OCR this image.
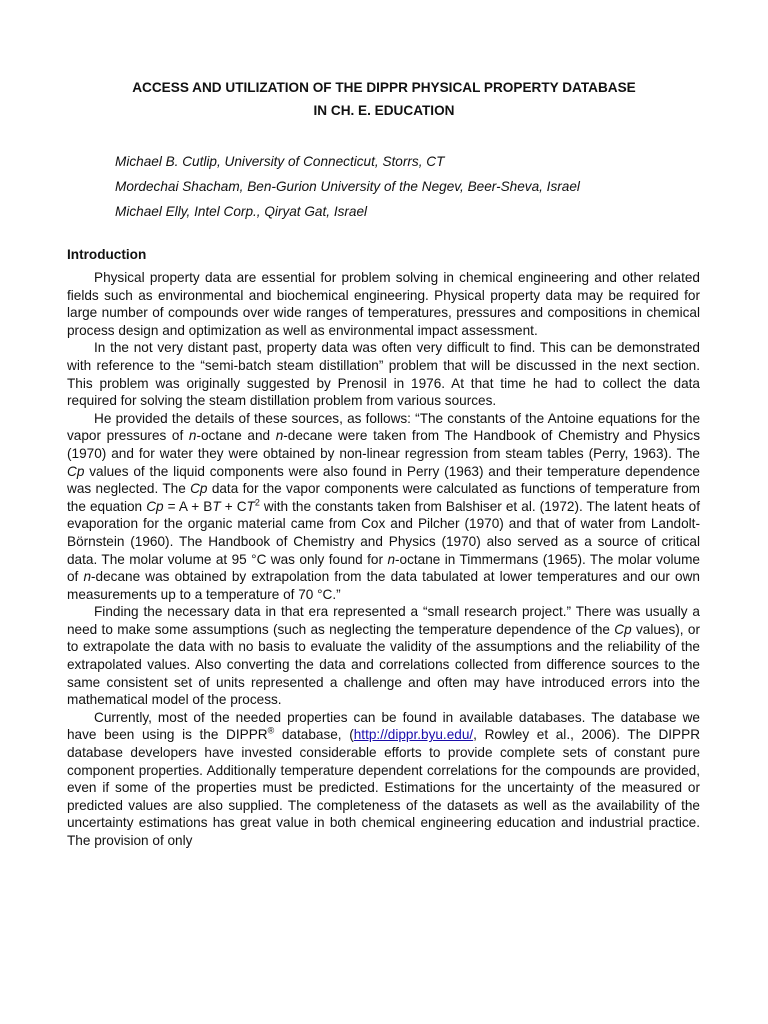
ACCESS AND UTILIZATION OF THE DIPPR PHYSICAL PROPERTY DATABASE
IN CH. E. EDUCATION
Michael B. Cutlip, University of Connecticut, Storrs, CT
Mordechai Shacham, Ben-Gurion University of the Negev, Beer-Sheva, Israel
Michael Elly, Intel Corp., Qiryat Gat, Israel
Introduction

Physical property data are essential for problem solving in chemical engineering and other related fields such as environmental and biochemical engineering. Physical property data may be required for large number of compounds over wide ranges of temperatures, pressures and compositions in chemical process design and optimization as well as environmental impact assessment.

In the not very distant past, property data was often very difficult to find. This can be demonstrated with reference to the “semi-batch steam distillation” problem that will be discussed in the next section. This problem was originally suggested by Prenosil in 1976. At that time he had to collect the data required for solving the steam distillation problem from various sources.

He provided the details of these sources, as follows: “The constants of the Antoine equations for the vapor pressures of n-octane and n-decane were taken from The Handbook of Chemistry and Physics (1970) and for water they were obtained by non-linear regression from steam tables (Perry, 1963). The Cp values of the liquid components were also found in Perry (1963) and their temperature dependence was neglected. The Cp data for the vapor components were calculated as functions of temperature from the equation Cp = A + BT + $CT^2$ with the constants taken from Balshiser et al. (1972). The latent heats of evaporation for the organic material came from Cox and Pilcher (1970) and that of water from Landolt-Börnstein (1960). The Handbook of Chemistry and Physics (1970) also served as a source of critical data. The molar volume at 95 °C was only found for n-octane in Timmermans (1965). The molar volume of n-decane was obtained by extrapolation from the data tabulated at lower temperatures and our own measurements up to a temperature of 70 °C.”

Finding the necessary data in that era represented a “small research project.” There was usually a need to make some assumptions (such as neglecting the temperature dependence of the Cp values), or to extrapolate the data with no basis to evaluate the validity of the assumptions and the reliability of the extrapolated values. Also converting the data and correlations collected from difference sources to the same consistent set of units represented a challenge and often may have introduced errors into the mathematical model of the process.

Currently, most of the needed properties can be found in available databases. The database we have been using is the DIPPR® database, (http://dippr.byu.edu/, Rowley et al., 2006). The DIPPR database developers have invested considerable efforts to provide complete sets of constant pure component properties. Additionally temperature dependent correlations for the compounds are provided, even if some of the properties must be predicted. Estimations for the uncertainty of the measured or predicted values are also supplied. The completeness of the datasets as well as the availability of the uncertainty estimations has great value in both chemical engineering education and industrial practice. The provision of only
